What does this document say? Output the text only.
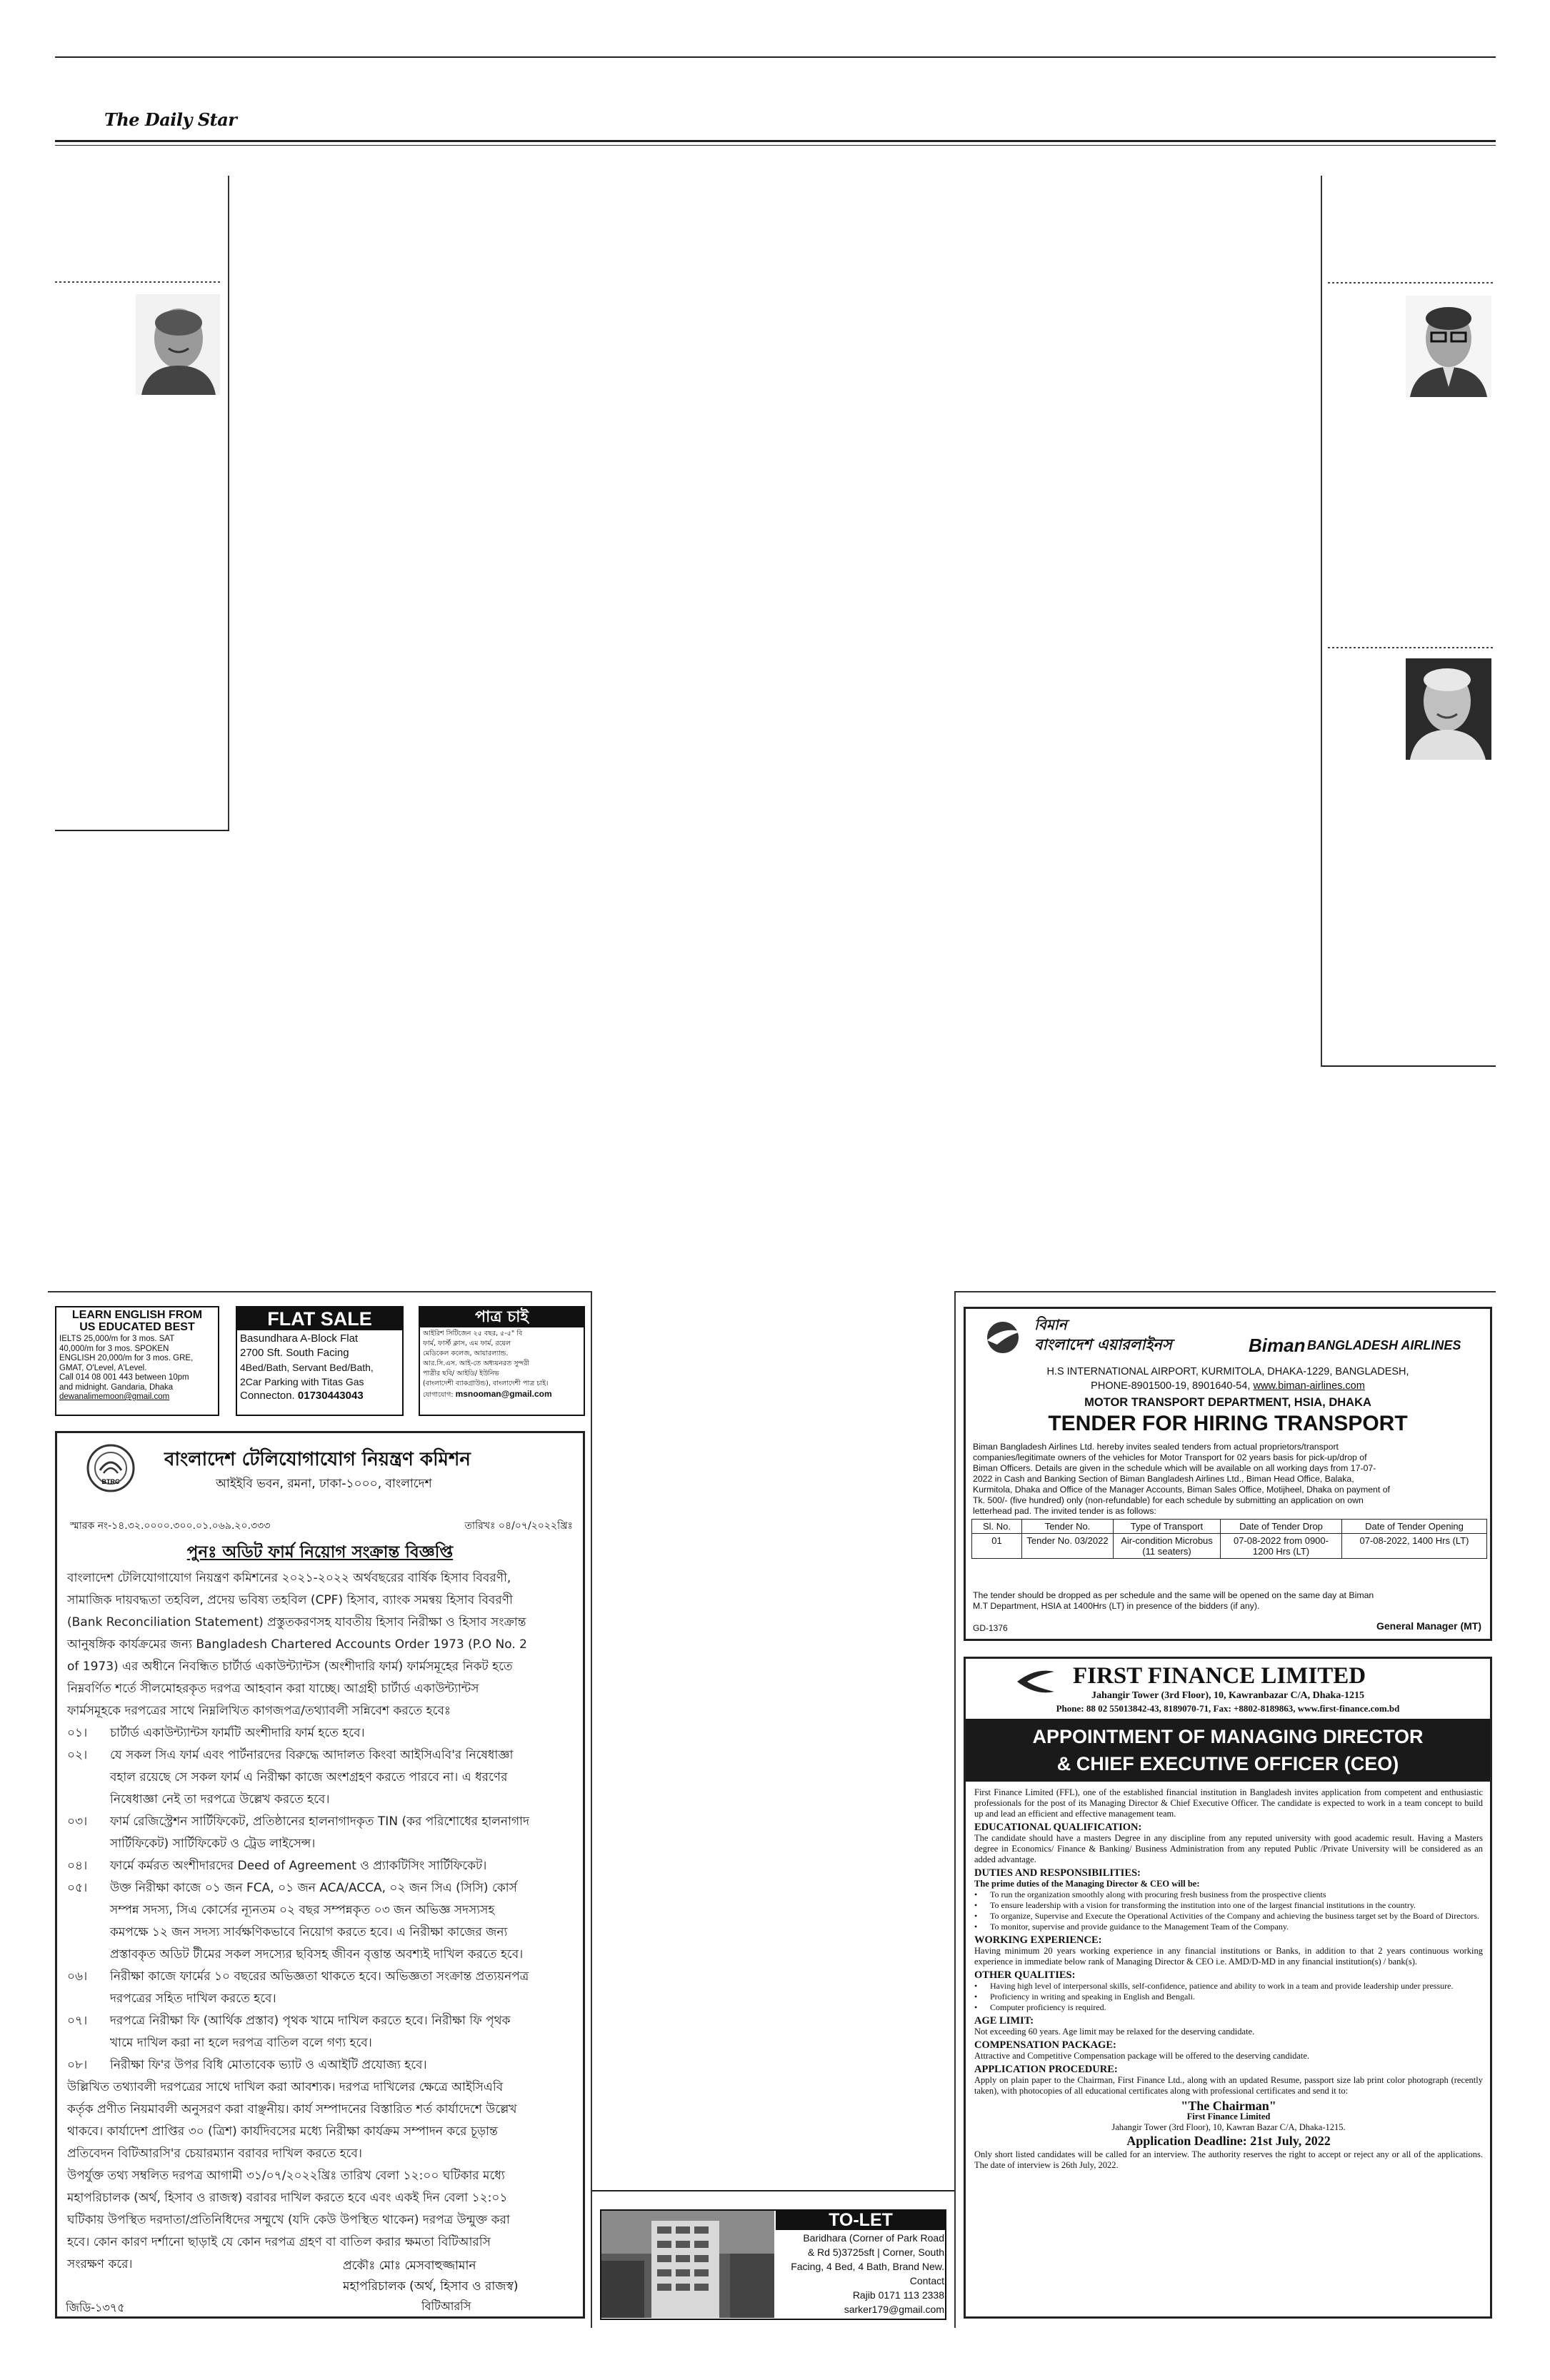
The Daily Star
LEARN ENGLISH FROM
US EDUCATED BEST
IELTS 25,000/m for 3 mos. SAT
40,000/m for 3 mos. SPOKEN
ENGLISH 20,000/m for 3 mos. GRE,
GMAT, O'Level, A'Level.
Call 014 08 001 443 between 10pm
and midnight. Gandaria, Dhaka
dewanalimemoon@gmail.com
FLAT SALE
Basundhara A-Block Flat
2700 Sft. South Facing
4Bed/Bath, Servant Bed/Bath,
2Car Parking with Titas Gas
Connecton. 01730443043
পাত্র চাই
আইরিশ সিটিজেন ২৫ বছর, ৫-৫" বি
ফার্ম, ফার্স্ট ক্লাস, এম ফার্ম, রয়েল
মেডিকেল কলেজ, আয়ারল্যান্ড.
আর.সি.এস. আই-তে অধ্যয়নরত সুন্দরী
পাত্রীর ছবি/ আইডি/ ইউনিভ
(বাংলাদেশী ব্যাকগ্রাউন্ড), বাংলাদেশী পাত্র চাই।
যোগাযোগ: msnooman@gmail.com
BTRC
বাংলাদেশ টেলিযোগাযোগ নিয়ন্ত্রণ কমিশন
আইইবি ভবন, রমনা, ঢাকা-১০০০, বাংলাদেশ
স্মারক নং-১৪.৩২.০০০০.৩০০.০১.০৬৯.২০.৩৩৩	তারিখঃ ০৪/০৭/২০২২খ্রিঃ
পুনঃ অডিট ফার্ম নিয়োগ সংক্রান্ত বিজ্ঞপ্তি
বাংলাদেশ টেলিযোগাযোগ নিয়ন্ত্রণ কমিশনের ২০২১-২০২২ অর্থবছরের বার্ষিক হিসাব বিবরণী,
সামাজিক দায়বদ্ধতা তহবিল, প্রদেয় ভবিষ্য তহবিল (CPF) হিসাব, ব্যাংক সমন্বয় হিসাব বিবরণী
(Bank Reconciliation Statement) প্রস্তুতকরণসহ যাবতীয় হিসাব নিরীক্ষা ও হিসাব সংক্রান্ত
আনুষঙ্গিক কার্যক্রমের জন্য Bangladesh Chartered Accounts Order 1973 (P.O No. 2
of 1973) এর অধীনে নিবন্ধিত চার্টার্ড একাউন্ট্যান্টস (অংশীদারি ফার্ম) ফার্মসমূহের নিকট হতে
নিম্নবর্ণিত শর্তে সীলমোহরকৃত দরপত্র আহবান করা যাচ্ছে। আগ্রহী চার্টার্ড একাউন্ট্যান্টস
ফার্মসমূহকে দরপত্রের সাথে নিম্নলিখিত কাগজপত্র/তথ্যাবলী সন্নিবেশ করতে হবেঃ
০১।	চার্টার্ড একাউন্ট্যান্টস ফার্মটি অংশীদারি ফার্ম হতে হবে।
০২।	যে সকল সিএ ফার্ম এবং পার্টনারদের বিরুদ্ধে আদালত কিংবা আইসিএবি'র নিষেধাজ্ঞা
বহাল রয়েছে সে সকল ফার্ম এ নিরীক্ষা কাজে অংশগ্রহণ করতে পারবে না। এ ধরণের
নিষেধাজ্ঞা নেই তা দরপত্রে উল্লেখ করতে হবে।
০৩।	ফার্ম রেজিস্ট্রেশন সার্টিফিকেট, প্রতিষ্ঠানের হালনাগাদকৃত TIN (কর পরিশোধের হালনাগাদ
সার্টিফিকেট) সার্টিফিকেট ও ট্রেড লাইসেন্স।
০৪।	ফার্মে কর্মরত অংশীদারদের Deed of Agreement ও প্র্যাকটিসিং সার্টিফিকেট।
০৫।	উক্ত নিরীক্ষা কাজে ০১ জন FCA, ০১ জন ACA/ACCA, ০২ জন সিএ (সিসি) কোর্স
সম্পন্ন সদস্য, সিএ কোর্সের ন্যূনতম ০২ বছর সম্পন্নকৃত ০৩ জন অভিজ্ঞ সদস্যসহ
কমপক্ষে ১২ জন সদস্য সার্বক্ষণিকভাবে নিয়োগ করতে হবে। এ নিরীক্ষা কাজের জন্য
প্রস্তাবকৃত অডিট টীমের সকল সদস্যের ছবিসহ জীবন বৃত্তান্ত অবশ্যই দাখিল করতে হবে।
০৬।	নিরীক্ষা কাজে ফার্মের ১০ বছরের অভিজ্ঞতা থাকতে হবে। অভিজ্ঞতা সংক্রান্ত প্রত্যয়নপত্র
দরপত্রের সহিত দাখিল করতে হবে।
০৭।	দরপত্রে নিরীক্ষা ফি (আর্থিক প্রস্তাব) পৃথক খামে দাখিল করতে হবে। নিরীক্ষা ফি পৃথক
খামে দাখিল করা না হলে দরপত্র বাতিল বলে গণ্য হবে।
০৮।	নিরীক্ষা ফি'র উপর বিধি মোতাবেক ভ্যাট ও এআইটি প্রযোজ্য হবে।
উল্লিখিত তথ্যাবলী দরপত্রের সাথে দাখিল করা আবশ্যক। দরপত্র দাখিলের ক্ষেত্রে আইসিএবি
কর্তৃক প্রণীত নিয়মাবলী অনুসরণ করা বাঞ্ছনীয়। কার্য সম্পাদনের বিস্তারিত শর্ত কার্যাদেশে উল্লেখ
থাকবে। কার্যাদেশ প্রাপ্তির ৩০ (ত্রিশ) কার্যদিবসের মধ্যে নিরীক্ষা কার্যক্রম সম্পাদন করে চূড়ান্ত
প্রতিবেদন বিটিআরসি'র চেয়ারম্যান বরাবর দাখিল করতে হবে।
উপর্যুক্ত তথ্য সম্বলিত দরপত্র আগামী ৩১/০৭/২০২২খ্রিঃ তারিখ বেলা ১২:০০ ঘটিকার মধ্যে
মহাপরিচালক (অর্থ, হিসাব ও রাজস্ব) বরাবর দাখিল করতে হবে এবং একই দিন বেলা ১২:০১
ঘটিকায় উপস্থিত দরদাতা/প্রতিনিধিদের সম্মুখে (যদি কেউ উপস্থিত থাকেন) দরপত্র উন্মুক্ত করা
হবে। কোন কারণ দর্শানো ছাড়াই যে কোন দরপত্র গ্রহণ বা বাতিল করার ক্ষমতা বিটিআরসি
সংরক্ষণ করে।	প্রকৌঃ মোঃ মেসবাহুজ্জামান
মহাপরিচালক (অর্থ, হিসাব ও রাজস্ব)
বিটিআরসি
জিডি-১৩৭৫
TO-LET
Baridhara (Corner of Park Road
& Rd 5)3725sft | Corner, South
Facing, 4 Bed, 4 Bath, Brand New.
Contact
Rajib 0171 113 2338
sarker179@gmail.com
বিমান
বাংলাদেশ এয়ারলাইনস	Biman BANGLADESH AIRLINES
H.S INTERNATIONAL AIRPORT, KURMITOLA, DHAKA-1229, BANGLADESH,
PHONE-8901500-19, 8901640-54, www.biman-airlines.com
MOTOR TRANSPORT DEPARTMENT, HSIA, DHAKA
TENDER FOR HIRING TRANSPORT
Biman Bangladesh Airlines Ltd. hereby invites sealed tenders from actual proprietors/transport
companies/legitimate owners of the vehicles for Motor Transport for 02 years basis for pick-up/drop of
Biman Officers. Details are given in the schedule which will be available on all working days from 17-07-
2022 in Cash and Banking Section of Biman Bangladesh Airlines Ltd., Biman Head Office, Balaka,
Kurmitola, Dhaka and Office of the Manager Accounts, Biman Sales Office, Motijheel, Dhaka on payment of
Tk. 500/- (five hundred) only (non-refundable) for each schedule by submitting an application on own
letterhead pad. The invited tender is as follows:
Sl. No.	Tender No.	Type of Transport	Date of Tender Drop	Date of Tender Opening
01	Tender No. 03/2022	Air-condition Microbus (11 seaters)	07-08-2022 from 0900-1200 Hrs (LT)	07-08-2022, 1400 Hrs (LT)
The tender should be dropped as per schedule and the same will be opened on the same day at Biman
M.T Department, HSIA at 1400Hrs (LT) in presence of the bidders (if any).
GD-1376	General Manager (MT)
FIRST FINANCE LIMITED
Jahangir Tower (3rd Floor), 10, Kawranbazar C/A, Dhaka-1215
Phone: 88 02 55013842-43, 8189070-71, Fax: +8802-8189863, www.first-finance.com.bd
APPOINTMENT OF MANAGING DIRECTOR
& CHIEF EXECUTIVE OFFICER (CEO)
First Finance Limited (FFL), one of the established financial institution in Bangladesh invites application from competent and enthusiastic professionals for the post of its Managing Director & Chief Executive Officer. The candidate is expected to work in a team concept to build up and lead an efficient and effective management team.
EDUCATIONAL QUALIFICATION:
The candidate should have a masters Degree in any discipline from any reputed university with good academic result. Having a Masters degree in Economics/ Finance & Banking/ Business Administration from any reputed Public /Private University will be considered as an added advantage.
DUTIES AND RESPONSIBILITIES:
The prime duties of the Managing Director & CEO will be:
•	To run the organization smoothly along with procuring fresh business from the prospective clients
•	To ensure leadership with a vision for transforming the institution into one of the largest financial institutions in the country.
•	To organize, Supervise and Execute the Operational Activities of the Company and achieving the business target set by the Board of Directors.
•	To monitor, supervise and provide guidance to the Management Team of the Company.
WORKING EXPERIENCE:
Having minimum 20 years working experience in any financial institutions or Banks, in addition to that 2 years continuous working experience in immediate below rank of Managing Director & CEO i.e. AMD/D-MD in any financial institution(s) / bank(s).
OTHER QUALITIES:
•	Having high level of interpersonal skills, self-confidence, patience and ability to work in a team and provide leadership under pressure.
•	Proficiency in writing and speaking in English and Bengali.
•	Computer proficiency is required.
AGE LIMIT:
Not exceeding 60 years. Age limit may be relaxed for the deserving candidate.
COMPENSATION PACKAGE:
Attractive and Competitive Compensation package will be offered to the deserving candidate.
APPLICATION PROCEDURE:
Apply on plain paper to the Chairman, First Finance Ltd., along with an updated Resume, passport size lab print color photograph (recently taken), with photocopies of all educational certificates along with professional certificates and send it to:
"The Chairman"
First Finance Limited
Jahangir Tower (3rd Floor), 10, Kawran Bazar C/A, Dhaka-1215.
Application Deadline: 21st July, 2022
Only short listed candidates will be called for an interview. The authority reserves the right to accept or reject any or all of the applications. The date of interview is 26th July, 2022.
